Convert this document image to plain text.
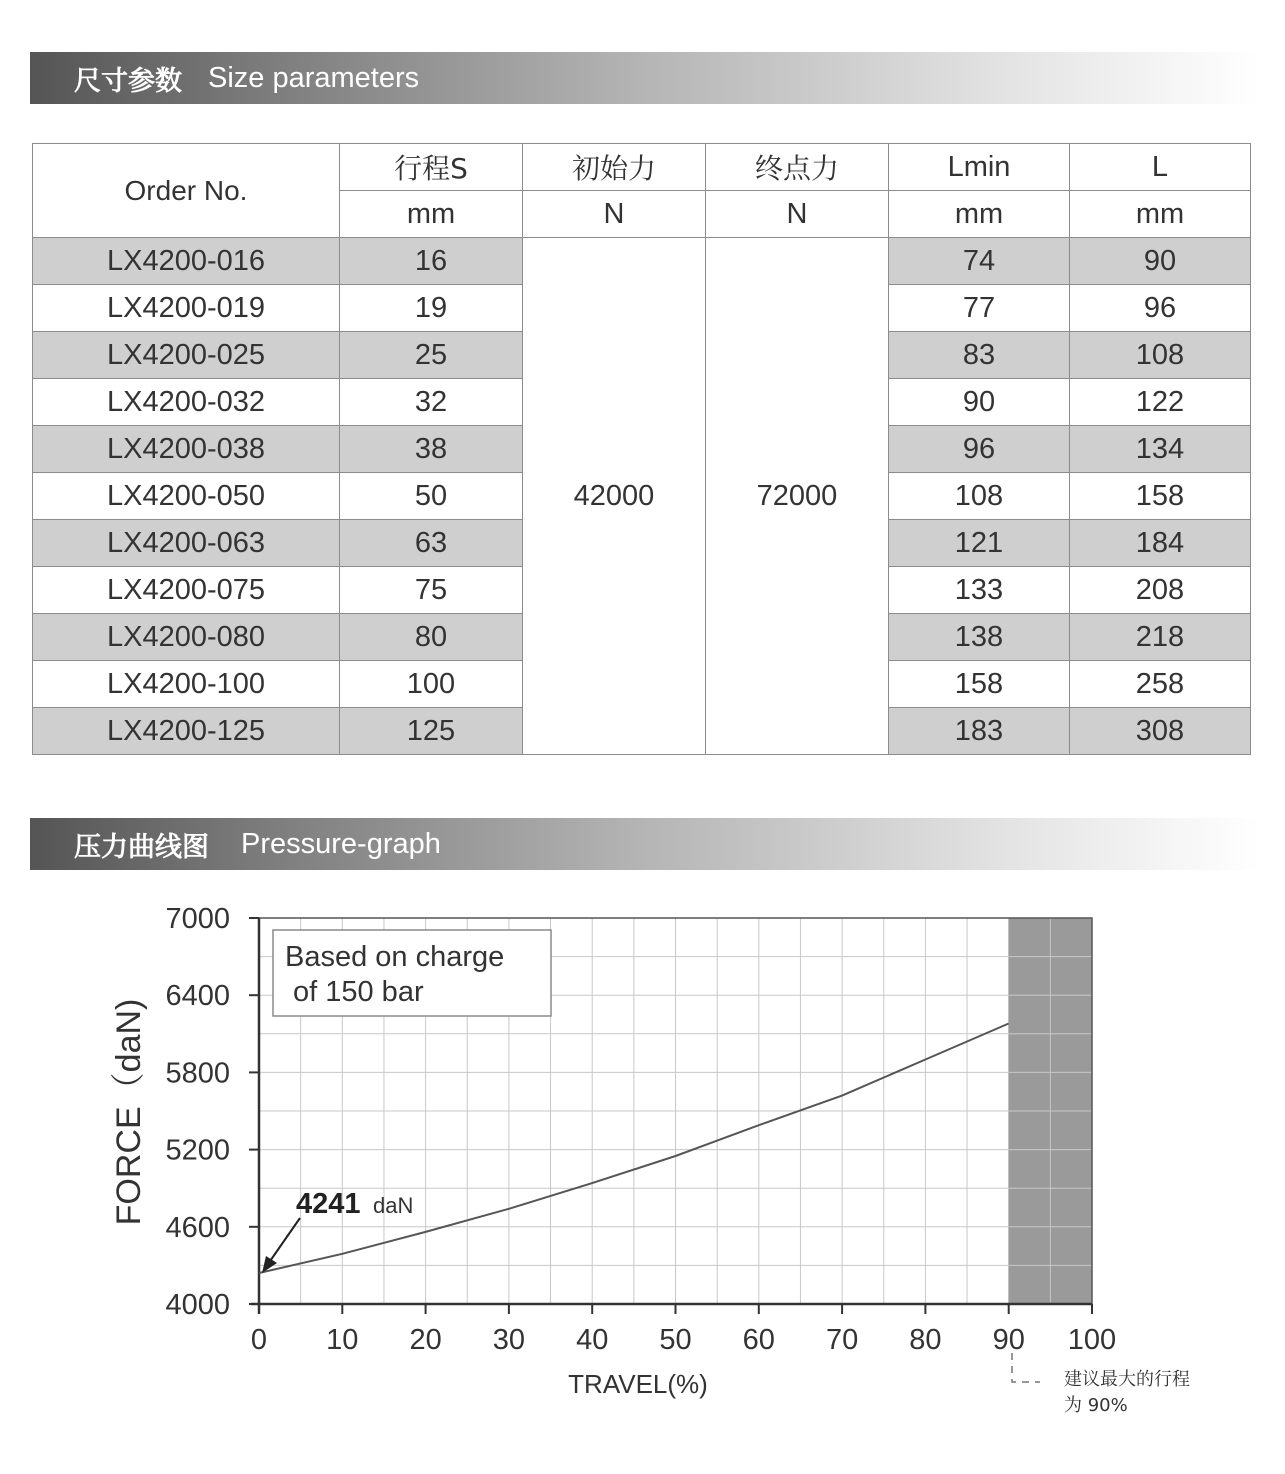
尺寸参数 Size parameters
Order No.	行程S	初始力	终点力	Lmin	L
	mm	N	N	mm	mm
LX4200-016	16	42000	72000	74	90
LX4200-019	19			77	96
LX4200-025	25			83	108
LX4200-032	32			90	122
LX4200-038	38			96	134
LX4200-050	50			108	158
LX4200-063	63			121	184
LX4200-075	75			133	208
LX4200-080	80			138	218
LX4200-100	100			158	258
LX4200-125	125			183	308
压力曲线图 Pressure-graph
0 10 20 30 40 50 60 70 80 90 100
4000
4600
5200
5800
6400
7000
Based on charge
of 150 bar
4241 daN
TRAVEL(%)
FORCE（daN)
建议最大的行程
为 90%
